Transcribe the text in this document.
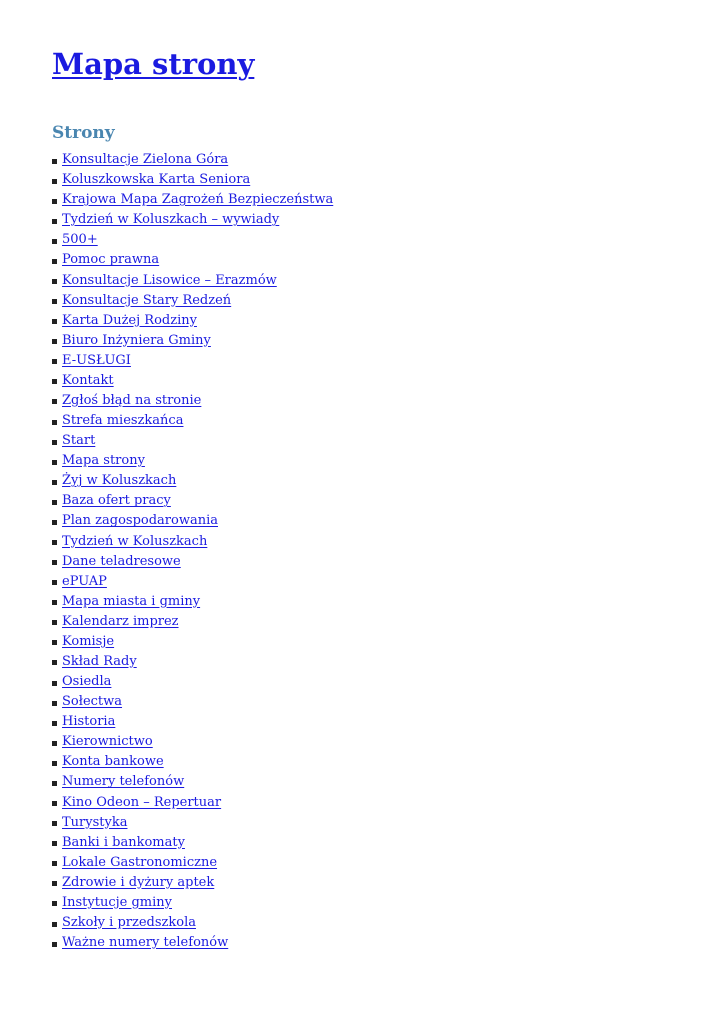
Mapa strony
Strony
Konsultacje Zielona Góra
Koluszkowska Karta Seniora
Krajowa Mapa Zagrożeń Bezpieczeństwa
Tydzień w Koluszkach – wywiady
500+
Pomoc prawna
Konsultacje Lisowice – Erazmów
Konsultacje Stary Redzeń
Karta Dużej Rodziny
Biuro Inżyniera Gminy
E-USŁUGI
Kontakt
Zgłoś błąd na stronie
Strefa mieszkańca
Start
Mapa strony
Żyj w Koluszkach
Baza ofert pracy
Plan zagospodarowania
Tydzień w Koluszkach
Dane teladresowe
ePUAP
Mapa miasta i gminy
Kalendarz imprez
Komisje
Skład Rady
Osiedla
Sołectwa
Historia
Kierownictwo
Konta bankowe
Numery telefonów
Kino Odeon – Repertuar
Turystyka
Banki i bankomaty
Lokale Gastronomiczne
Zdrowie i dyżury aptek
Instytucje gminy
Szkoły i przedszkola
Ważne numery telefonów
